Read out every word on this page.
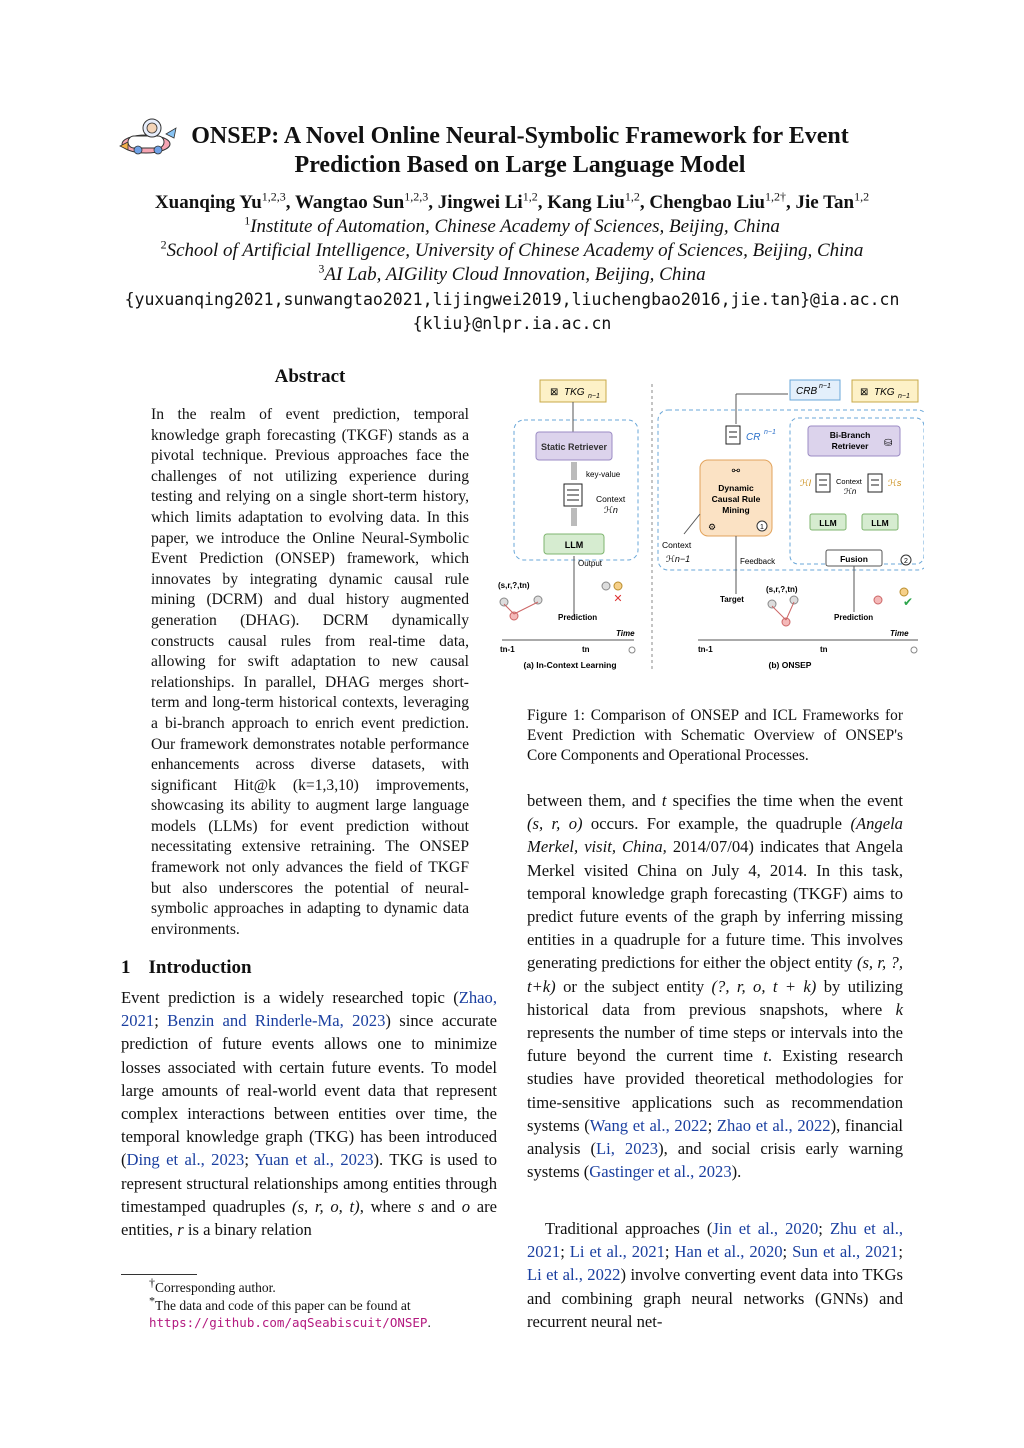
ONSEP: A Novel Online Neural-Symbolic Framework for Event
Prediction Based on Large Language Model
Xuanqing Yu$^{1,2,3}$, Wangtao Sun$^{1,2,3}$, Jingwei Li$^{1,2}$, Kang Liu$^{1,2}$, Chengbao Liu$^{1,2\dagger}$, Jie Tan$^{1,2}$
$^1$Institute of Automation, Chinese Academy of Sciences, Beijing, China
$^2$School of Artificial Intelligence, University of Chinese Academy of Sciences, Beijing, China
$^3$AI Lab, AIGility Cloud Innovation, Beijing, China
{yuxuanqing2021,sunwangtao2021,lijingwei2019,liuchengbao2016,jie.tan}@ia.ac.cn
{kliu}@nlpr.ia.ac.cn
Abstract
In the realm of event prediction, temporal knowledge graph forecasting (TKGF) stands as a pivotal technique. Previous approaches face the challenges of not utilizing experience during testing and relying on a single short-term history, which limits adaptation to evolving data. In this paper, we introduce the Online Neural-Symbolic Event Prediction (ONSEP) framework, which innovates by integrating dynamic causal rule mining (DCRM) and dual history augmented generation (DHAG). DCRM dynamically constructs causal rules from real-time data, allowing for swift adaptation to new causal relationships. In parallel, DHAG merges short-term and long-term historical contexts, leveraging a bi-branch approach to enrich event prediction. Our framework demonstrates notable performance enhancements across diverse datasets, with significant Hit@k (k=1,3,10) improvements, showcasing its ability to augment large language models (LLMs) for event prediction without necessitating extensive retraining. The ONSEP framework not only advances the field of TKGF but also underscores the potential of neural-symbolic approaches in adapting to dynamic data environments.
1 Introduction
Event prediction is a widely researched topic (Zhao, 2021; Benzin and Rinderle-Ma, 2023) since accurate prediction of future events allows one to minimize losses associated with certain future events. To model large amounts of real-world event data that represent complex interactions between entities over time, the temporal knowledge graph (TKG) has been introduced (Ding et al., 2023; Yuan et al., 2023). TKG is used to represent structural relationships among entities through timestamped quadruples (s, r, o, t), where s and o are entities, r is a binary relation
†Corresponding author.
*The data and code of this paper can be found at https://github.com/aqSeabiscuit/ONSEP.
⊠ TKG n−1
Static Retriever
key-value
Context
ℋn
LLM
Output
(s,r,?,tn)
Prediction
✕
Time
tn-1	tn
(a) In-Context Learning
CRB n−1
⊠ TKG n−1
CR n−1
⚯
Dynamic
Causal Rule
Mining
⚙	1
Context
ℋn−1	Feedback
Target
Bi-Branch
Retriever ⛁
ℋl	Context
ℋn
ℋs
LLM	LLM
Fusion	2
(s,r,?,tn)
Prediction
✔
Time
tn-1	tn
(b) ONSEP
Figure 1: Comparison of ONSEP and ICL Frameworks for Event Prediction with Schematic Overview of ONSEP's Core Components and Operational Processes.
between them, and t specifies the time when the event (s, r, o) occurs. For example, the quadruple (Angela Merkel, visit, China, 2014/07/04) indicates that Angela Merkel visited China on July 4, 2014. In this task, temporal knowledge graph forecasting (TKGF) aims to predict future events of the graph by inferring missing entities in a quadruple for a future time. This involves generating predictions for either the object entity (s, r, ?, t+k) or the subject entity (?, r, o, t + k) by utilizing historical data from previous snapshots, where k represents the number of time steps or intervals into the future beyond the current time t. Existing research studies have provided theoretical methodologies for time-sensitive applications such as recommendation systems (Wang et al., 2022; Zhao et al., 2022), financial analysis (Li, 2023), and social crisis early warning systems (Gastinger et al., 2023).
Traditional approaches (Jin et al., 2020; Zhu et al., 2021; Li et al., 2021; Han et al., 2020; Sun et al., 2021; Li et al., 2022) involve converting event data into TKGs and combining graph neural networks (GNNs) and recurrent neural net-
